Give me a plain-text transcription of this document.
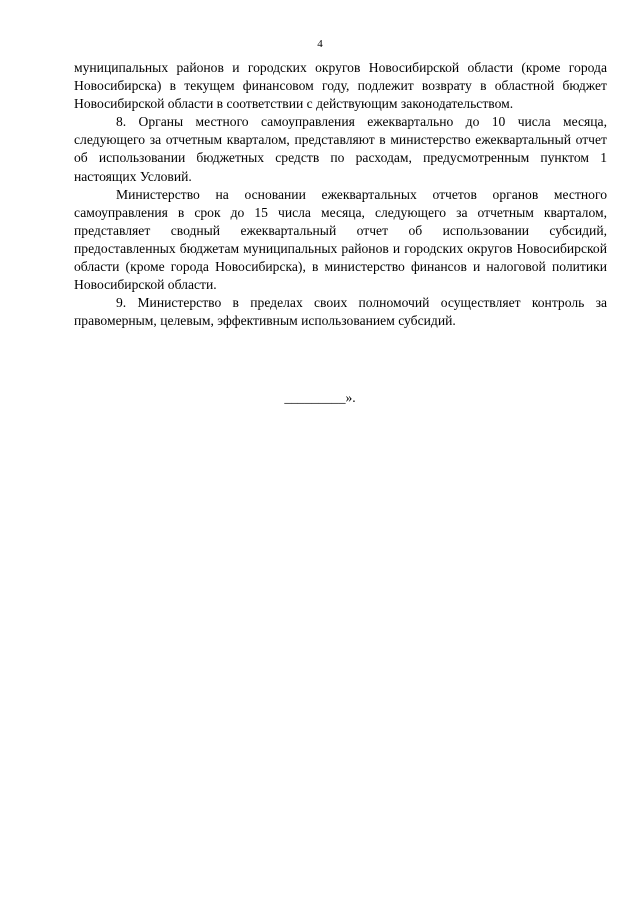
4

муниципальных районов и городских округов Новосибирской области (кроме города Новосибирска) в текущем финансовом году, подлежит возврату в областной бюджет Новосибирской области в соответствии с действующим законодательством.

8. Органы местного самоуправления ежеквартально до 10 числа месяца, следующего за отчетным кварталом, представляют в министерство ежеквартальный отчет об использовании бюджетных средств по расходам, предусмотренным пунктом 1 настоящих Условий.

Министерство на основании ежеквартальных отчетов органов местного самоуправления в срок до 15 числа месяца, следующего за отчетным кварталом, представляет сводный ежеквартальный отчет об использовании субсидий, предоставленных бюджетам муниципальных районов и городских округов Новосибирской области (кроме города Новосибирска), в министерство финансов и налоговой политики Новосибирской области.

9. Министерство в пределах своих полномочий осуществляет контроль за правомерным, целевым, эффективным использованием субсидий.

_________».
